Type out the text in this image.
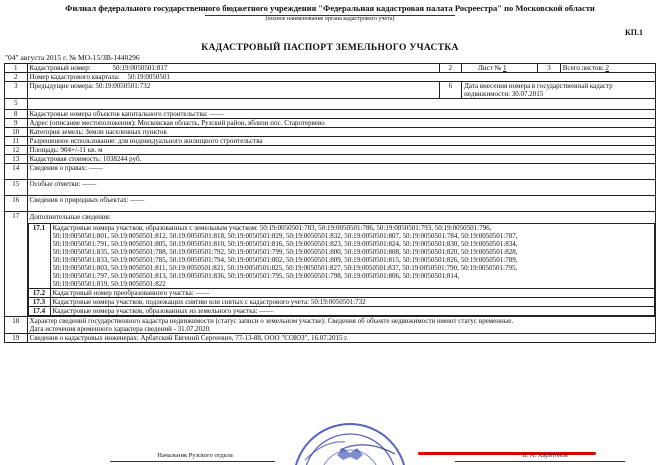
Филиал федерального государственного бюджетного учреждения "Федеральная кадастровая палата Росреестра" по Московской области
(полное наименование органа кадастрового учета)
КП.1
КАДАСТРОВЫЙ ПАСПОРТ ЗЕМЕЛЬНОГО УЧАСТКА
"04" августа 2015 г. № МО-15/ЗВ-1440296
1	Кадастровый номер:	50:19:0050501:817	2	Лист № 1	3	Всего листов: 2
2	Номер кадастрового квартала: 50:19:0050501
3	Предыдущие номера: 50:19:0050501:732	6	Дата внесения номера в государственный кадастр недвижимости: 30.07.2015
5	
8	Кадастровые номера объектов капитального строительства: ——
9	Адрес (описание местоположения): Московская область, Рузский район, вблизи пос. Старотеряево
10	Категория земель: Земли населенных пунктов
11	Разрешенное использование: для индивидуального жилищного строительства
12	Площадь: 904+/-11 кв. м
13	Кадастровая стоимость: 1038244 руб.
14	Сведения о правах: ——
15	Особые отметки: ——
16	Сведения о природных объектах: ——
17	Дополнительные сведения:
17.1	Кадастровые номера участков, образованных с земельным участком: 50:19:0050501:783, 50:19:0050501:786, 50:19:0050501:793, 50:19:0050501:796,
50:19:0050501:801, 50:19:0050501:812, 50:19:0050501:818, 50:19:0050501:829, 50:19:0050501:832, 50:19:0050501:807, 50:19:0050501:784, 50:19:0050501:787,
50:19:0050501:791, 50:19:0050501:805, 50:19:0050501:810, 50:19:0050501:816, 50:19:0050501:823, 50:19:0050501:824, 50:19:0050501:830, 50:19:0050501:834,
50:19:0050501:835, 50:19:0050501:788, 50:19:0050501:792, 50:19:0050501:799, 50:19:0050501:800, 50:19:0050501:808, 50:19:0050501:820, 50:19:0050501:828,
50:19:0050501:833, 50:19:0050501:785, 50:19:0050501:794, 50:19:0050501:802, 50:19:0050501:809, 50:19:0050501:815, 50:19:0050501:826, 50:19:0050501:789,
50:19:0050501:803, 50:19:0050501:811, 50:19:0050501:821, 50:19:0050501:825, 50:19:0050501:827, 50:19:0050501:837, 50:19:0050501:790, 50:19:0050501:795,
50:19:0050501:797, 50:19:0050501:813, 50:19:0050501:836, 50:19:0050501:795, 50:19:0050501:798, 50:19:0050501:806, 50:19:0050501:814,
50:19:0050501:819, 50:19:0050501:822

17.2	Кадастровый номер преобразованного участка: ——
17.3	Кадастровые номера участков, подлежащих снятию или снятых с кадастрового учета: 50:19:0050501:732
17.4	Кадастровые номера участков, образованных из земельного участка: ——

18	Характер сведений государственного кадастра недвижимости (статус записи о земельном участке): Сведения об объекте недвижимости имеют статус временные.
Дата истечения временного характера сведений - 31.07.2020.

19	Сведения о кадастровых инженерах: Арбатский Евгений Сергеевич, 77-13-88, ООО "СОЮЗ", 16.07.2015 г.
Начальник Рузского отдела	В. А. Харитонов
